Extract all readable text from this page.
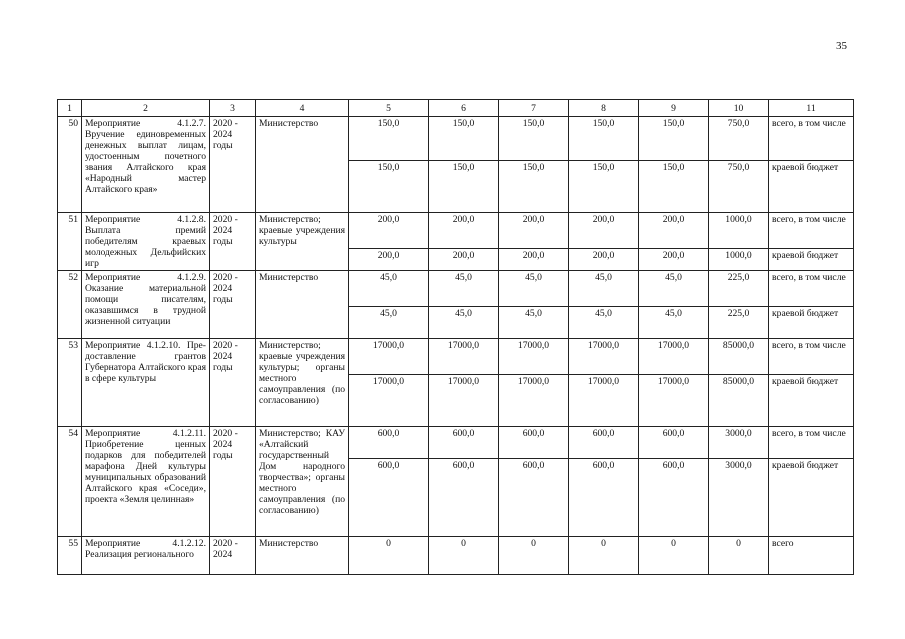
35
1	2	3	4	5	6	7	8	9	10	11
50	Мероприятие 4.1.2.7. Вручение единовременных денежных выплат лицам, удостоенным почетного звания Алтайского края «Народный мастер Алтайского края»	2020 - 2024 годы	Министерство	150,0	150,0	150,0	150,0	150,0	750,0	всего, в том числе
				150,0	150,0	150,0	150,0	150,0	750,0	краевой бюджет
51	Мероприятие 4.1.2.8. Выплата премий победителям краевых молодежных Дельфийских игр	2020 - 2024 годы	Министерство; краевые учреждения культуры	200,0	200,0	200,0	200,0	200,0	1000,0	всего, в том числе
				200,0	200,0	200,0	200,0	200,0	1000,0	краевой бюджет
52	Мероприятие 4.1.2.9. Оказание материальной помощи писателям, оказавшимся в трудной жизненной ситуации	2020 - 2024 годы	Министерство	45,0	45,0	45,0	45,0	45,0	225,0	всего, в том числе
				45,0	45,0	45,0	45,0	45,0	225,0	краевой бюджет
53	Мероприятие 4.1.2.10. Пре-доставление грантов Губернатора Алтайского края в сфере культуры	2020 - 2024 годы	Министерство; краевые учреждения культуры; органы местного самоуправления (по согласованию)	17000,0	17000,0	17000,0	17000,0	17000,0	85000,0	всего, в том числе
				17000,0	17000,0	17000,0	17000,0	17000,0	85000,0	краевой бюджет
54	Мероприятие 4.1.2.11. Приобретение ценных подарков для победителей марафона Дней культуры муниципальных образований Алтайского края «Соседи», проекта «Земля целинная»	2020 - 2024 годы	Министерство; КАУ «Алтайский государственный Дом народного творчества»; органы местного самоуправления (по согласованию)	600,0	600,0	600,0	600,0	600,0	3000,0	всего, в том числе
				600,0	600,0	600,0	600,0	600,0	3000,0	краевой бюджет
55	Мероприятие 4.1.2.12. Реализация регионального	2020 - 2024	Министерство	0	0	0	0	0	0	всего
